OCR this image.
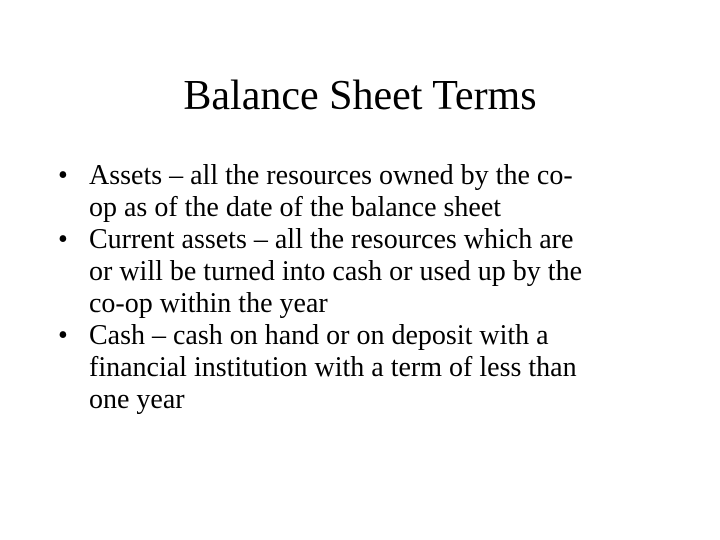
Balance Sheet Terms
• Assets – all the resources owned by the co-
op as of the date of the balance sheet
• Current assets – all the resources which are
or will be turned into cash or used up by the
co-op within the year
• Cash – cash on hand or on deposit with a
financial institution with a term of less than
one year
